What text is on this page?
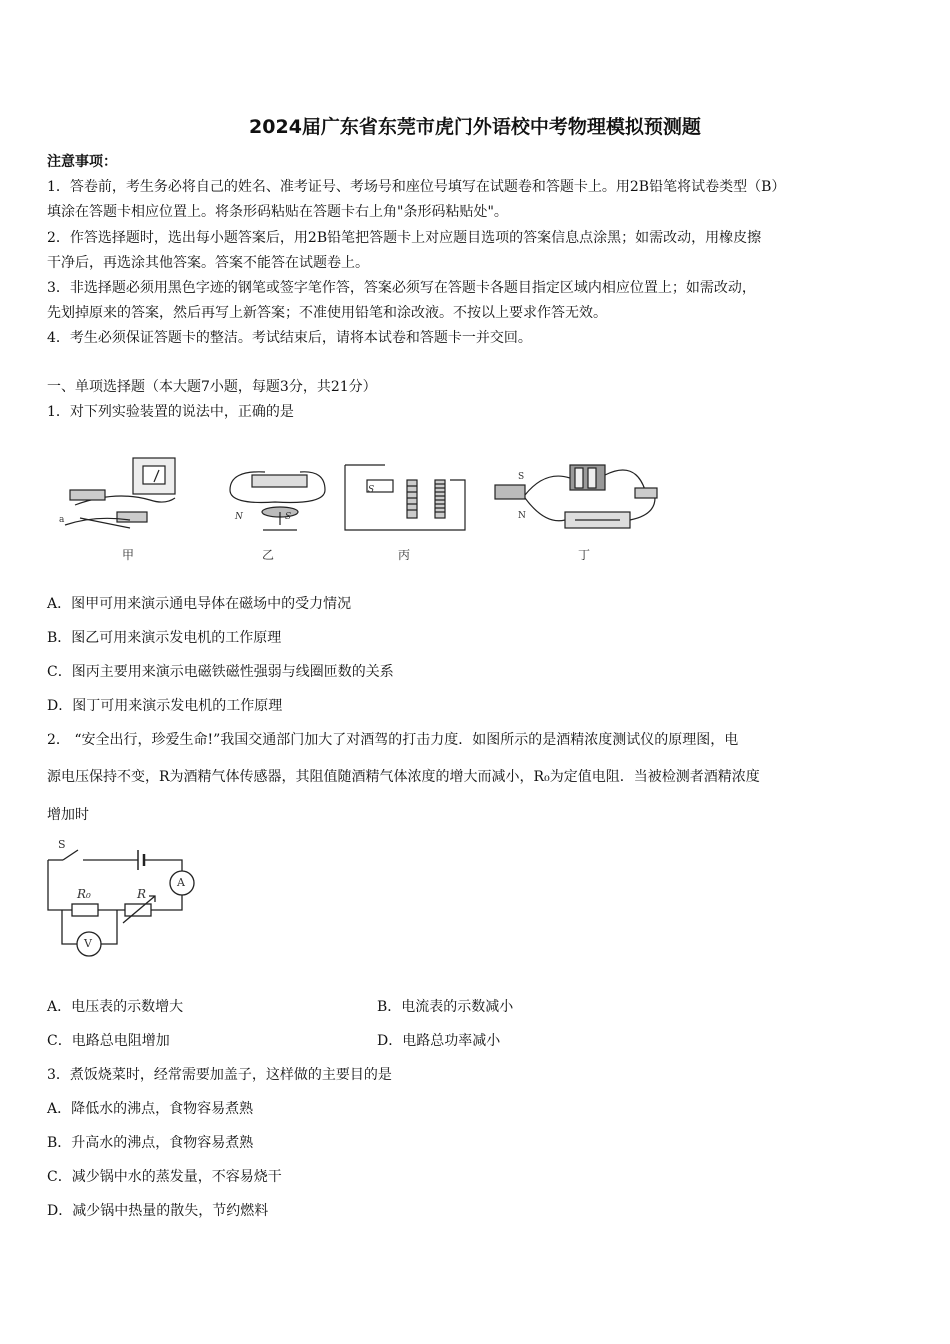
2024届广东省东莞市虎门外语校中考物理模拟预测题
注意事项：
1．答卷前，考生务必将自己的姓名、准考证号、考场号和座位号填写在试题卷和答题卡上。用2B铅笔将试卷类型（B）
填涂在答题卡相应位置上。将条形码粘贴在答题卡右上角"条形码粘贴处"。
2．作答选择题时，选出每小题答案后，用2B铅笔把答题卡上对应题目选项的答案信息点涂黑；如需改动，用橡皮擦
干净后，再选涂其他答案。答案不能答在试题卷上。
3．非选择题必须用黑色字迹的钢笔或签字笔作答，答案必须写在答题卡各题目指定区域内相应位置上；如需改动，
先划掉原来的答案，然后再写上新答案；不准使用铅笔和涂改液。不按以上要求作答无效。
4．考生必须保证答题卡的整洁。考试结束后，请将本试卷和答题卡一并交回。
一、单项选择题（本大题7小题，每题3分，共21分）
1．对下列实验装置的说法中，正确的是
a	N	S
S
S
N
甲	乙	丙	丁
A．图甲可用来演示通电导体在磁场中的受力情况
B．图乙可用来演示发电机的工作原理
C．图丙主要用来演示电磁铁磁性强弱与线圈匝数的关系
D．图丁可用来演示发电机的工作原理
2． “安全出行，珍爱生命!”我国交通部门加大了对酒驾的打击力度．如图所示的是酒精浓度测试仪的原理图，电
源电压保持不变，R为酒精气体传感器，其阻值随酒精气体浓度的增大而减小，R₀为定值电阻．当被检测者酒精浓度
增加时
S
A
V
R₀	R
A．电压表的示数增大	B．电流表的示数减小
C．电路总电阻增加	D．电路总功率减小
3．煮饭烧菜时，经常需要加盖子，这样做的主要目的是
A．降低水的沸点，食物容易煮熟
B．升高水的沸点，食物容易煮熟
C．减少锅中水的蒸发量，不容易烧干
D．减少锅中热量的散失，节约燃料
